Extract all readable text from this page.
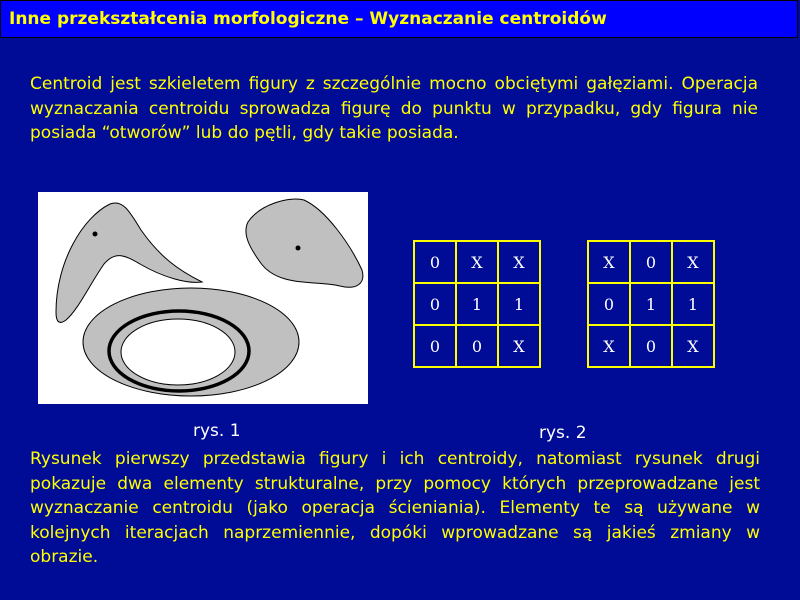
Inne przekształcenia morfologiczne – Wyznaczanie centroidów
Centroid jest szkieletem figury z szczególnie mocno obciętymi gałęziami. Operacja wyznaczania centroidu sprowadza figurę do punktu w przypadku, gdy figura nie posiada “otworów” lub do pętli, gdy takie posiada.
rys. 1
0	X	X
0	1	1
0	0	X
X	0	X
0	1	1
X	0	X
rys. 2
Rysunek pierwszy przedstawia figury i ich centroidy, natomiast rysunek drugi pokazuje dwa elementy strukturalne, przy pomocy których przeprowadzane jest wyznaczanie centroidu (jako operacja ścieniania). Elementy te są używane w kolejnych iteracjach naprzemiennie, dopóki wprowadzane są jakieś zmiany w obrazie.
